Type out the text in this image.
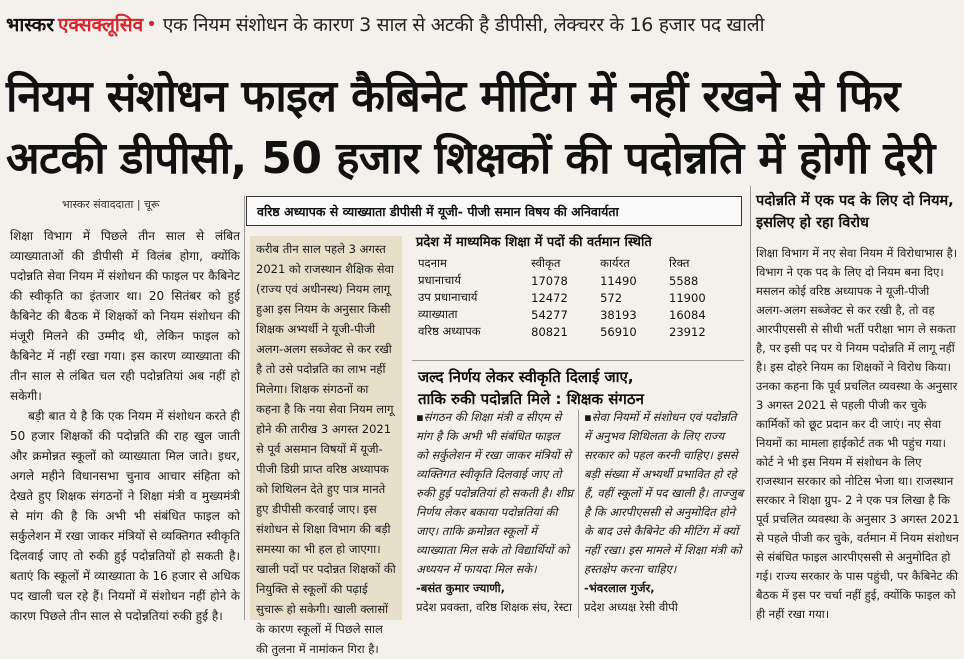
भास्कर एक्सक्लूसिव • एक नियम संशोधन के कारण 3 साल से अटकी है डीपीसी, लेक्चरर के 16 हजार पद खाली
नियम संशोधन फाइल कैबिनेट मीटिंग में नहीं रखने से फिर
अटकी डीपीसी, 50 हजार शिक्षकों की पदोन्नति में होगी देरी
भास्कर संवाददाता | चूरू

शिक्षा विभाग में पिछले तीन साल से लंबित व्याख्याताओं की डीपीसी में विलंब होगा, क्योंकि पदोन्नति सेवा नियम में संशोधन की फाइल पर कैबिनेट की स्वीकृति का इंतजार था। 20 सितंबर को हुई कैबिनेट की बैठक में शिक्षकों को नियम संशोधन की मंजूरी मिलने की उम्मीद थी, लेकिन फाइल को कैबिनेट में नहीं रखा गया। इस कारण व्याख्याता की तीन साल से लंबित चल रही पदोन्नतियां अब नहीं हो सकेगी।

बड़ी बात ये है कि एक नियम में संशोधन करते ही 50 हजार शिक्षकों की पदोन्नति की राह खुल जाती और क्रमोन्नत स्कूलों को व्याख्याता मिल जाते। इधर, अगले महीने विधानसभा चुनाव आचार संहिता को देखते हुए शिक्षक संगठनों ने शिक्षा मंत्री व मुख्यमंत्री से मांग की है कि अभी भी संबंधित फाइल को सर्कुलेशन में रखा जाकर मंत्रियों से व्यक्तिगत स्वीकृति दिलवाई जाए तो रुकी हुई पदोन्नतियों हो सकती है। बताएं कि स्कूलों में व्याख्याता के 16 हजार से अधिक पद खाली चल रहे हैं। नियमों में संशोधन नहीं होने के कारण पिछले तीन साल से पदोन्नतियां रुकी हुई है।

वरिष्ठ अध्यापक से व्याख्याता डीपीसी में यूजी- पीजी समान विषय की अनिवार्यता

करीब तीन साल पहले 3 अगस्त 2021 को राजस्थान शैक्षिक सेवा (राज्य एवं अधीनस्थ) नियम लागू हुआ इस नियम के अनुसार किसी शिक्षक अभ्यर्थी ने यूजी-पीजी अलग-अलग सब्जेक्ट से कर रखी है तो उसे पदोन्नति का लाभ नहीं मिलेगा। शिक्षक संगठनों का कहना है कि नया सेवा नियम लागू होने की तारीख 3 अगस्त 2021 से पूर्व असमान विषयों में यूजी-पीजी डिग्री प्राप्त वरिष्ठ अध्यापक को शिथिलन देते हुए पात्र मानते हुए डीपीसी करवाई जाए। इस संशोधन से शिक्षा विभाग की बड़ी समस्या का भी हल हो जाएगा। खाली पदों पर पदोन्नत शिक्षकों की नियुक्ति से स्कूलों की पढ़ाई सुचारू हो सकेगी। खाली क्लासों के कारण स्कूलों में पिछले साल की तुलना में नामांकन गिरा है।

प्रदेश में माध्यमिक शिक्षा में पदों की वर्तमान स्थिति
पदनाम	स्वीकृत	कार्यरत	रिक्त
प्रधानाचार्य	17078	11490	5588
उप प्रधानाचार्य	12472	572	11900
व्याख्याता	54277	38193	16084
वरिष्ठ अध्यापक	80821	56910	23912
जल्द निर्णय लेकर स्वीकृति दिलाई जाए,
ताकि रुकी पदोन्नति मिले : शिक्षक संगठन

▪संगठन की शिक्षा मंत्री व सीएम से मांग है कि अभी भी संबंधित फाइल को सर्कुलेशन में रखा जाकर मंत्रियों से व्यक्तिगत स्वीकृति दिलवाई जाए तो रुकी हुई पदोन्नतियां हो सकती है। शीघ्र निर्णय लेकर बकाया पदोन्नतियां की जाए। ताकि क्रमोन्नत स्कूलों में व्याख्याता मिल सके तो विद्यार्थियों को अध्ययन में फायदा मिल सके।

-बसंत कुमार ज्याणी,

प्रदेश प्रवक्ता, वरिष्ठ शिक्षक संघ, रेस्टा

▪सेवा नियमों में संशोधन एवं पदोन्नति में अनुभव शिथिलता के लिए राज्य सरकार को पहल करनी चाहिए। इससे बड़ी संख्या में अभ्यर्थी प्रभावित हो रहे हैं, वहीं स्कूलों में पद खाली है। ताज्जुब है कि आरपीएससी से अनुमोदित होने के बाद उसे कैबिनेट की मीटिंग में क्यों नहीं रखा। इस मामले में शिक्षा मंत्री को हस्तक्षेप करना चाहिए।

-भंवरलाल गुर्जर,

प्रदेश अध्यक्ष रेसी वीपी

पदोन्नति में एक पद के लिए दो नियम, इसलिए हो रहा विरोध

शिक्षा विभाग में नए सेवा नियम में विरोधाभास है। विभाग ने एक पद के लिए दो नियम बना दिए। मसलन कोई वरिष्ठ अध्यापक ने यूजी-पीजी अलग-अलग सब्जेक्ट से कर रखी है, तो वह आरपीएससी से सीधी भर्ती परीक्षा भाग ले सकता है, पर इसी पद पर ये नियम पदोन्नति में लागू नहीं है। इस दोहरे नियम का शिक्षकों ने विरोध किया। उनका कहना कि पूर्व प्रचलित व्यवस्था के अनुसार 3 अगस्त 2021 से पहली पीजी कर चुके कार्मिकों को छूट प्रदान कर दी जाएं। नए सेवा नियमों का मामला हाईकोर्ट तक भी पहुंच गया। कोर्ट ने भी इस नियम में संशोधन के लिए राजस्थान सरकार को नोटिस भेजा था। राजस्थान सरकार ने शिक्षा ग्रुप- 2 ने एक पत्र लिखा है कि पूर्व प्रचलित व्यवस्था के अनुसार 3 अगस्त 2021 से पहले पीजी कर चुके, वर्तमान में नियम संशोधन से संबंधित फाइल आरपीएससी से अनुमोदित हो गई। राज्य सरकार के पास पहुंची, पर कैबिनेट की बैठक में इस पर चर्चा नहीं हुई, क्योंकि फाइल को ही नहीं रखा गया।
